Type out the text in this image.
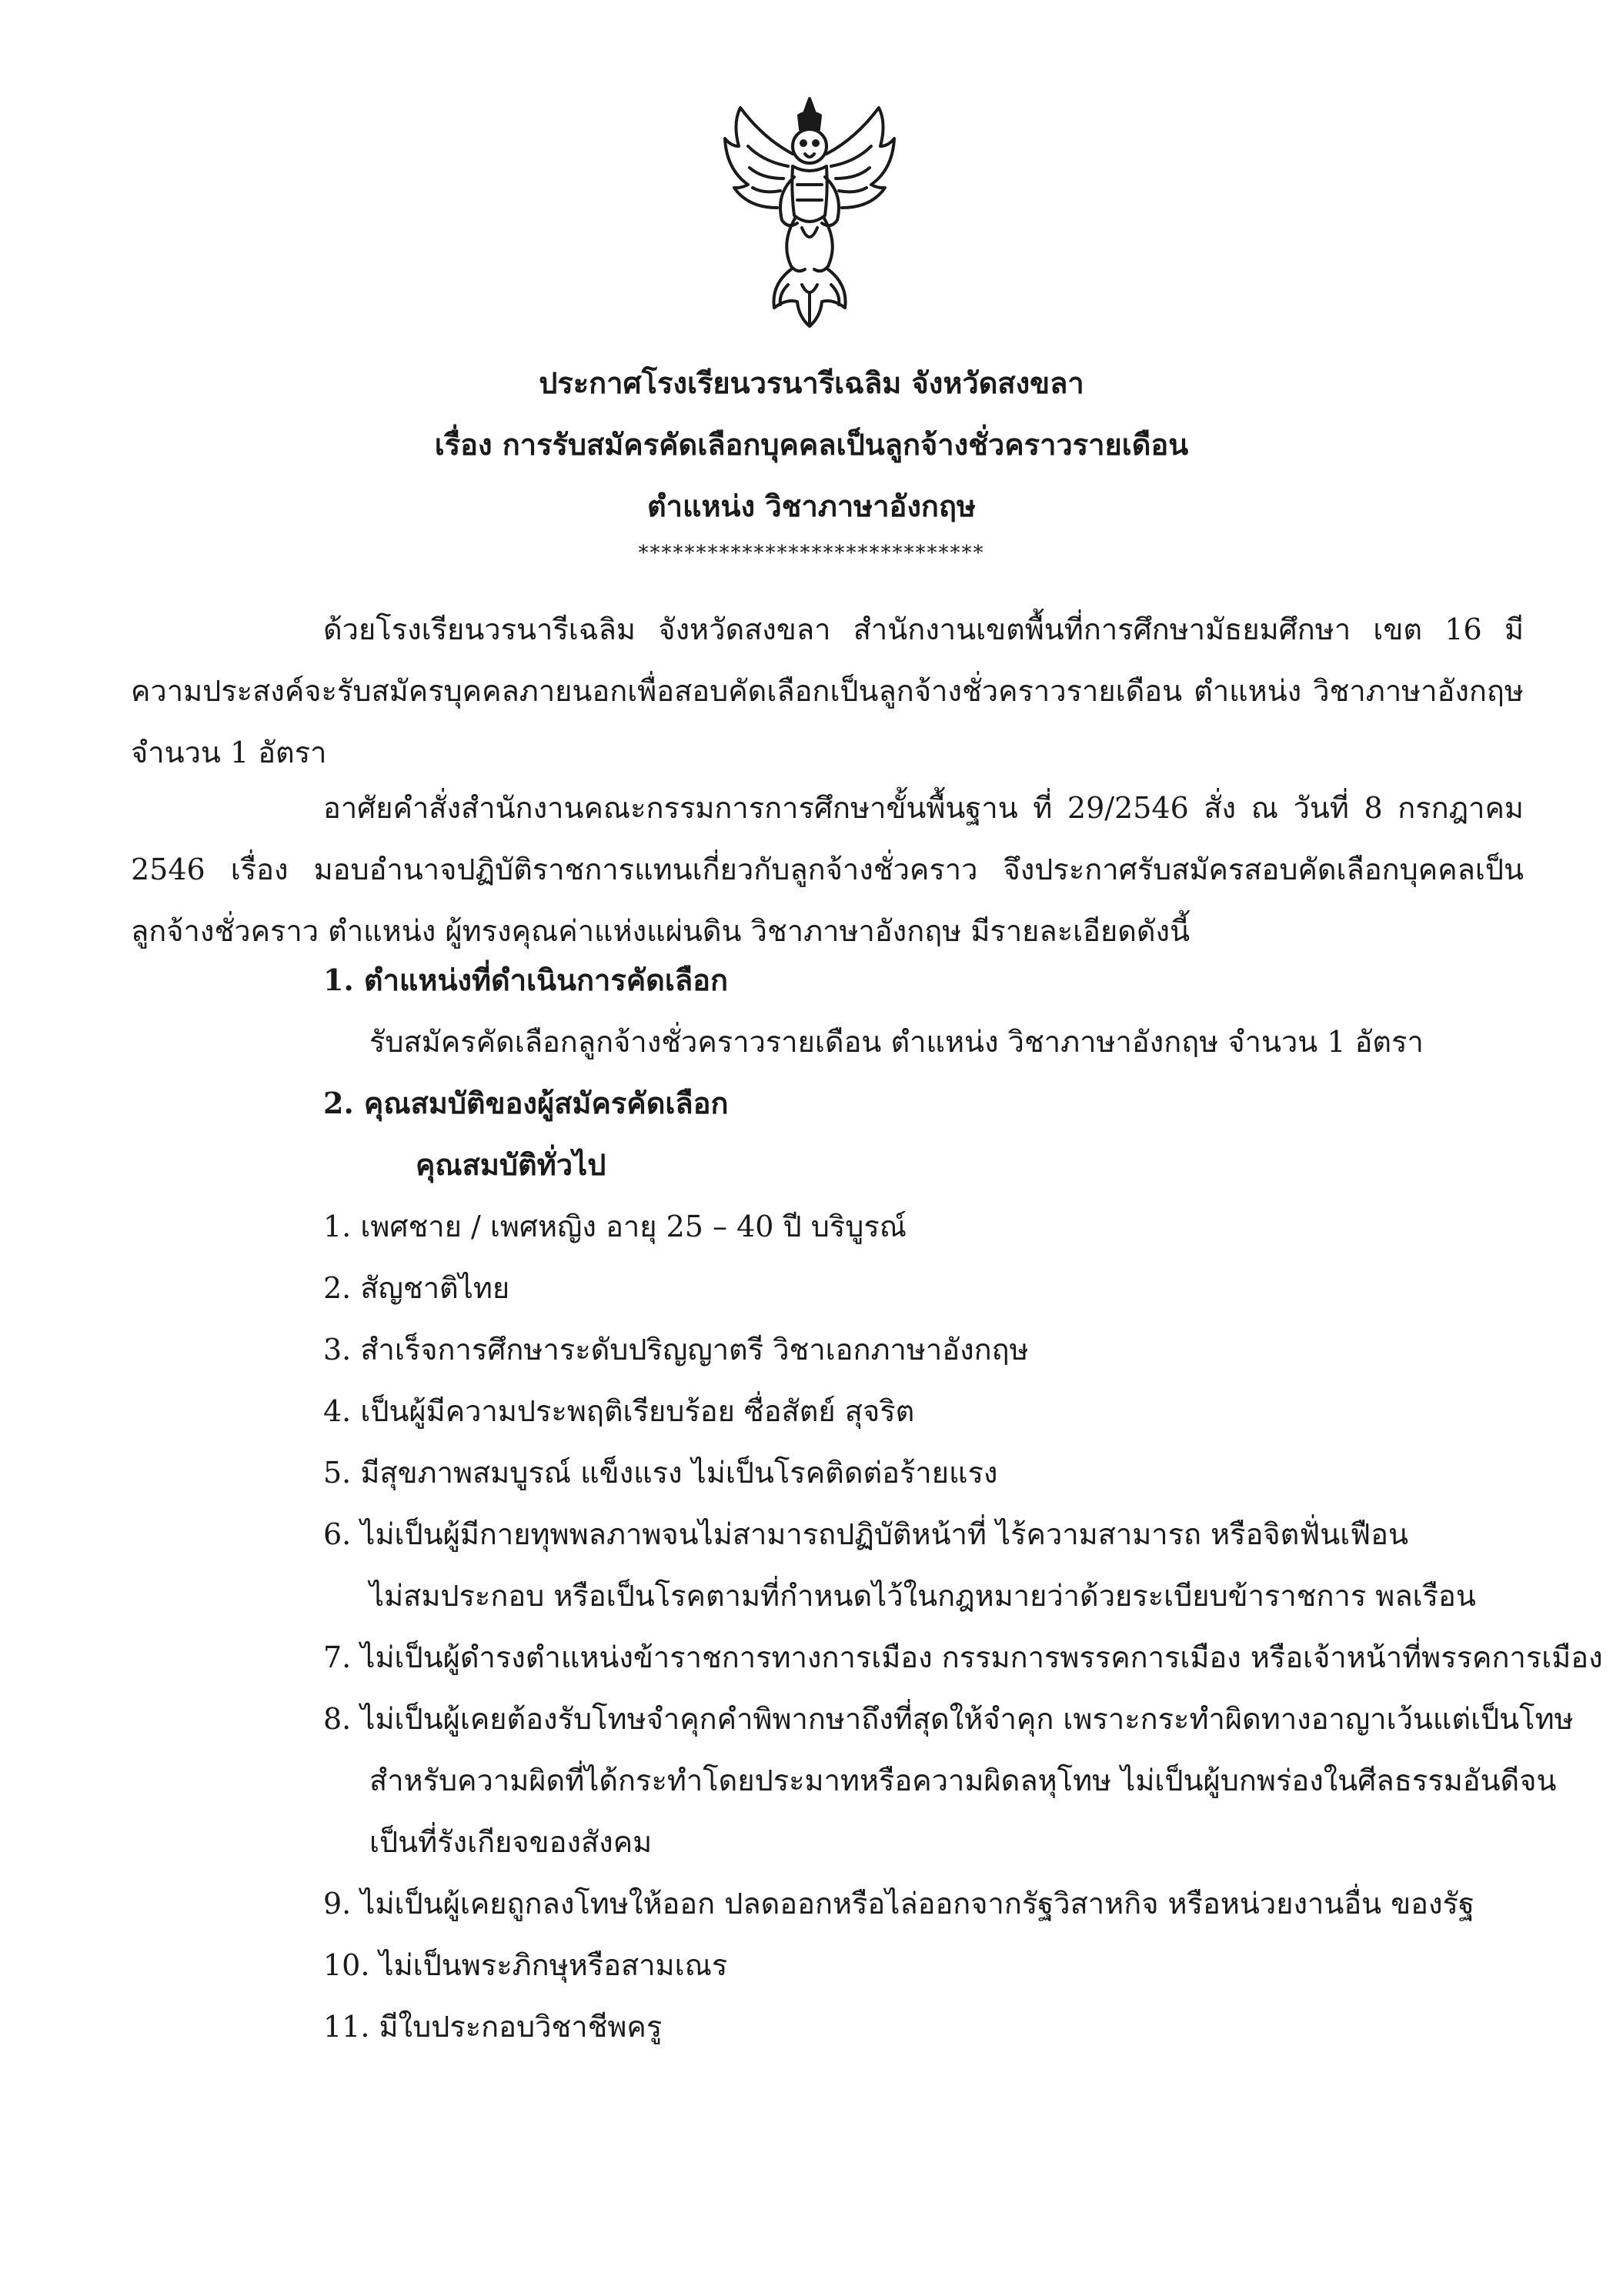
ประกาศโรงเรียนวรนารีเฉลิม จังหวัดสงขลา
เรื่อง การรับสมัครคัดเลือกบุคคลเป็นลูกจ้างชั่วคราวรายเดือน
ตำแหน่ง วิชาภาษาอังกฤษ
******************************
ด้วยโรงเรียนวรนารีเฉลิม จังหวัดสงขลา สำนักงานเขตพื้นที่การศึกษามัธยมศึกษา เขต 16 มีความประสงค์จะรับสมัครบุคคลภายนอกเพื่อสอบคัดเลือกเป็นลูกจ้างชั่วคราวรายเดือน ตำแหน่ง วิชาภาษาอังกฤษ จำนวน 1 อัตรา
อาศัยคำสั่งสำนักงานคณะกรรมการการศึกษาขั้นพื้นฐาน ที่ 29/2546 สั่ง ณ วันที่ 8 กรกฎาคม 2546 เรื่อง มอบอำนาจปฏิบัติราชการแทนเกี่ยวกับลูกจ้างชั่วคราว จึงประกาศรับสมัครสอบคัดเลือกบุคคลเป็นลูกจ้างชั่วคราว ตำแหน่ง ผู้ทรงคุณค่าแห่งแผ่นดิน วิชาภาษาอังกฤษ มีรายละเอียดดังนี้
1. ตำแหน่งที่ดำเนินการคัดเลือก
รับสมัครคัดเลือกลูกจ้างชั่วคราวรายเดือน ตำแหน่ง วิชาภาษาอังกฤษ จำนวน 1 อัตรา
2. คุณสมบัติของผู้สมัครคัดเลือก
คุณสมบัติทั่วไป
1. เพศชาย / เพศหญิง อายุ 25 – 40 ปี บริบูรณ์
2. สัญชาติไทย
3. สำเร็จการศึกษาระดับปริญญาตรี วิชาเอกภาษาอังกฤษ
4. เป็นผู้มีความประพฤติเรียบร้อย ซื่อสัตย์ สุจริต
5. มีสุขภาพสมบูรณ์ แข็งแรง ไม่เป็นโรคติดต่อร้ายแรง
6. ไม่เป็นผู้มีกายทุพพลภาพจนไม่สามารถปฏิบัติหน้าที่ ไร้ความสามารถ หรือจิตฟั่นเฟือน
ไม่สมประกอบ หรือเป็นโรคตามที่กำหนดไว้ในกฎหมายว่าด้วยระเบียบข้าราชการ พลเรือน
7. ไม่เป็นผู้ดำรงตำแหน่งข้าราชการทางการเมือง กรรมการพรรคการเมือง หรือเจ้าหน้าที่พรรคการเมือง
8. ไม่เป็นผู้เคยต้องรับโทษจำคุกคำพิพากษาถึงที่สุดให้จำคุก เพราะกระทำผิดทางอาญาเว้นแต่เป็นโทษ
สำหรับความผิดที่ได้กระทำโดยประมาทหรือความผิดลหุโทษ ไม่เป็นผู้บกพร่องในศีลธรรมอันดีจน
เป็นที่รังเกียจของสังคม
9. ไม่เป็นผู้เคยถูกลงโทษให้ออก ปลดออกหรือไล่ออกจากรัฐวิสาหกิจ หรือหน่วยงานอื่น ของรัฐ
10. ไม่เป็นพระภิกษุหรือสามเณร
11. มีใบประกอบวิชาชีพครู
